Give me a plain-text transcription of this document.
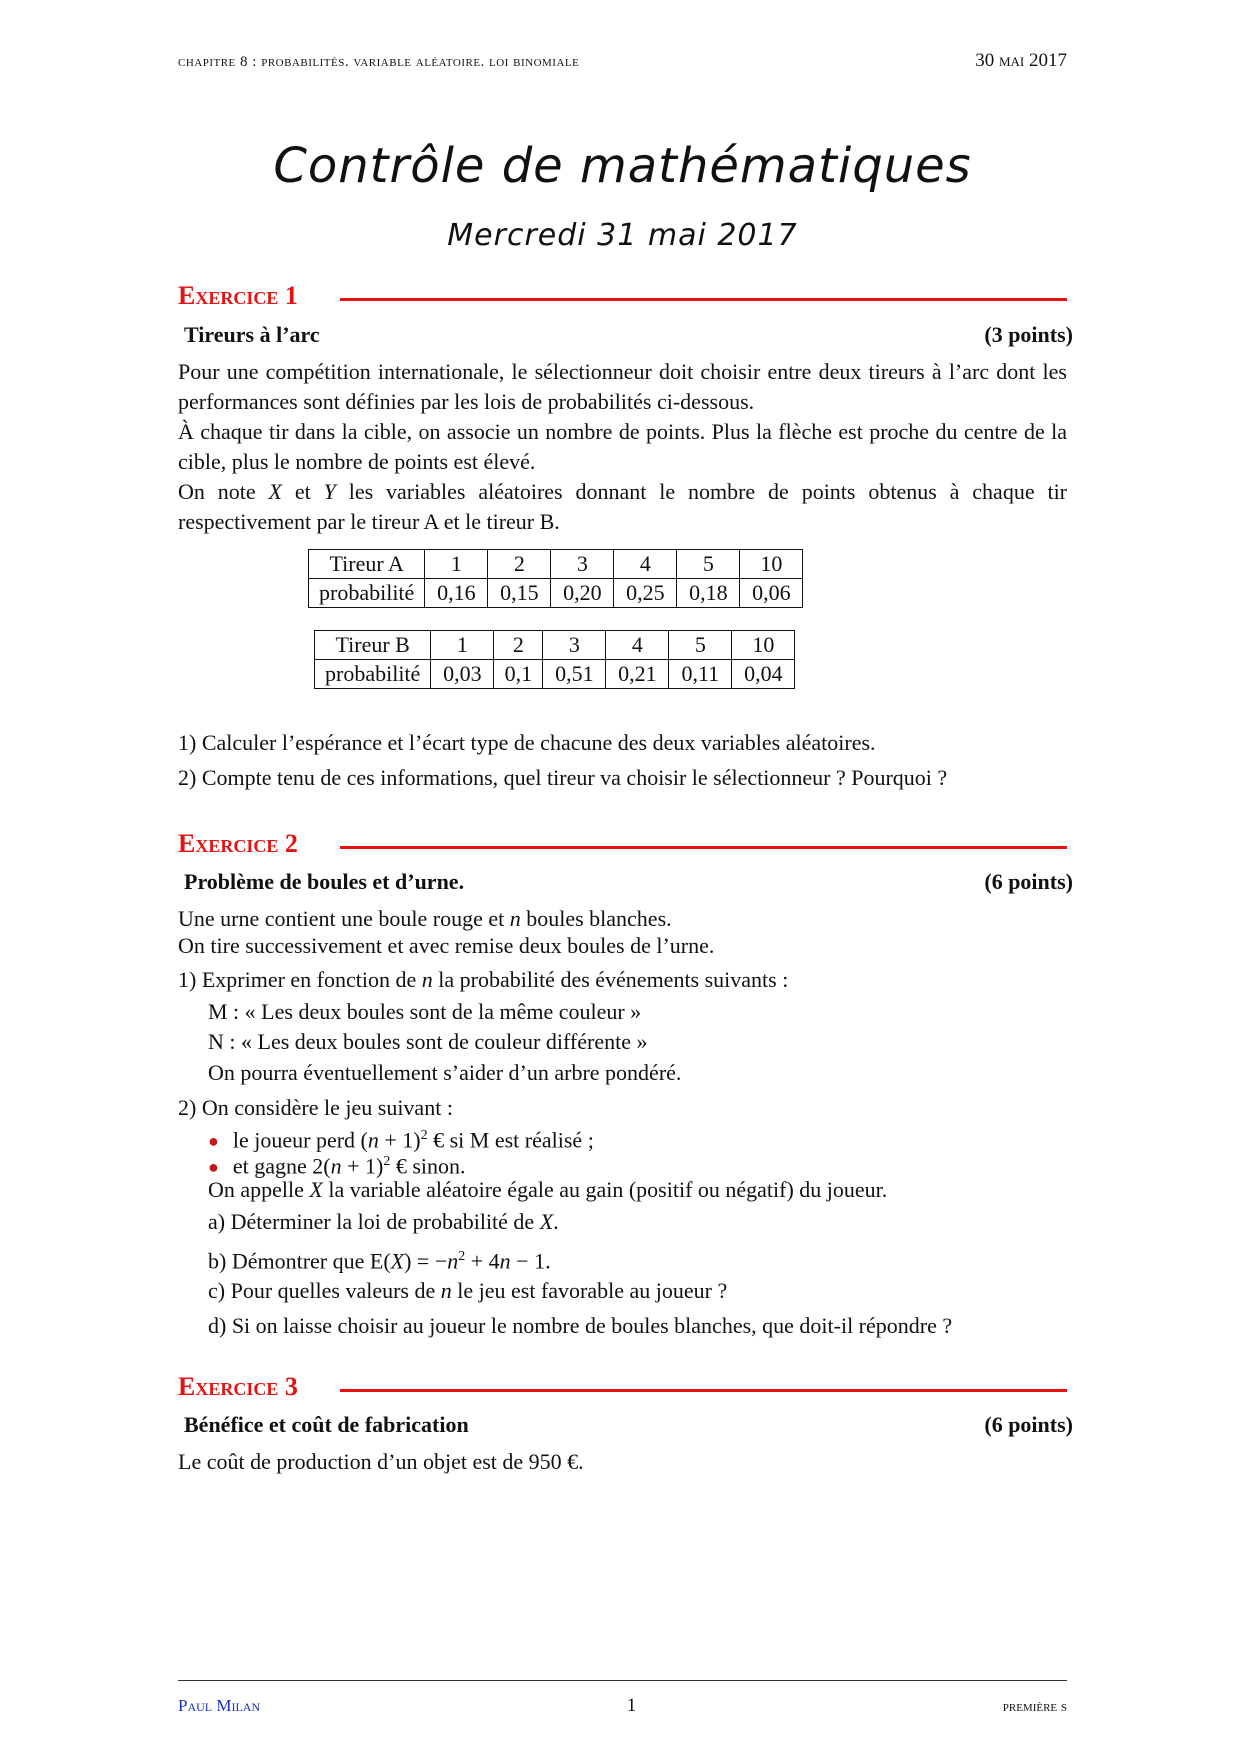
chapitre 8 : probabilités. variable aléatoire. loi binomiale	30 mai 2017
Contrôle de mathématiques
Mercredi 31 mai 2017
Exercice 1
Tireurs à l’arc	(3 points)
Pour une compétition internationale, le sélectionneur doit choisir entre deux tireurs à l’arc dont les performances sont définies par les lois de probabilités ci-dessous.
À chaque tir dans la cible, on associe un nombre de points. Plus la flèche est proche du centre de la cible, plus le nombre de points est élevé.
On note X et Y les variables aléatoires donnant le nombre de points obtenus à chaque tir respectivement par le tireur A et le tireur B.
Tireur A	1	2	3	4	5	10
probabilité	0,16	0,15	0,20	0,25	0,18	0,06
Tireur B	1	2	3	4	5	10
probabilité	0,03	0,1	0,51	0,21	0,11	0,04
1) Calculer l’espérance et l’écart type de chacune des deux variables aléatoires.
2) Compte tenu de ces informations, quel tireur va choisir le sélectionneur ? Pourquoi ?
Exercice 2
Problème de boules et d’urne.	(6 points)
Une urne contient une boule rouge et n boules blanches.
On tire successivement et avec remise deux boules de l’urne.
1) Exprimer en fonction de n la probabilité des événements suivants :
M : « Les deux boules sont de la même couleur »
N : « Les deux boules sont de couleur différente »
On pourra éventuellement s’aider d’un arbre pondéré.
2) On considère le jeu suivant :
● le joueur perd $(n + 1)^2$ € si M est réalisé ;
● et gagne $2(n + 1)^2$ € sinon.
On appelle X la variable aléatoire égale au gain (positif ou négatif) du joueur.
a) Déterminer la loi de probabilité de X.
b) Démontrer que $E(X) = -n^2 + 4n - 1$.
c) Pour quelles valeurs de n le jeu est favorable au joueur ?
d) Si on laisse choisir au joueur le nombre de boules blanches, que doit-il répondre ?
Exercice 3
Bénéfice et coût de fabrication	(6 points)
Le coût de production d’un objet est de 950 €.
Paul Milan	1	première s
